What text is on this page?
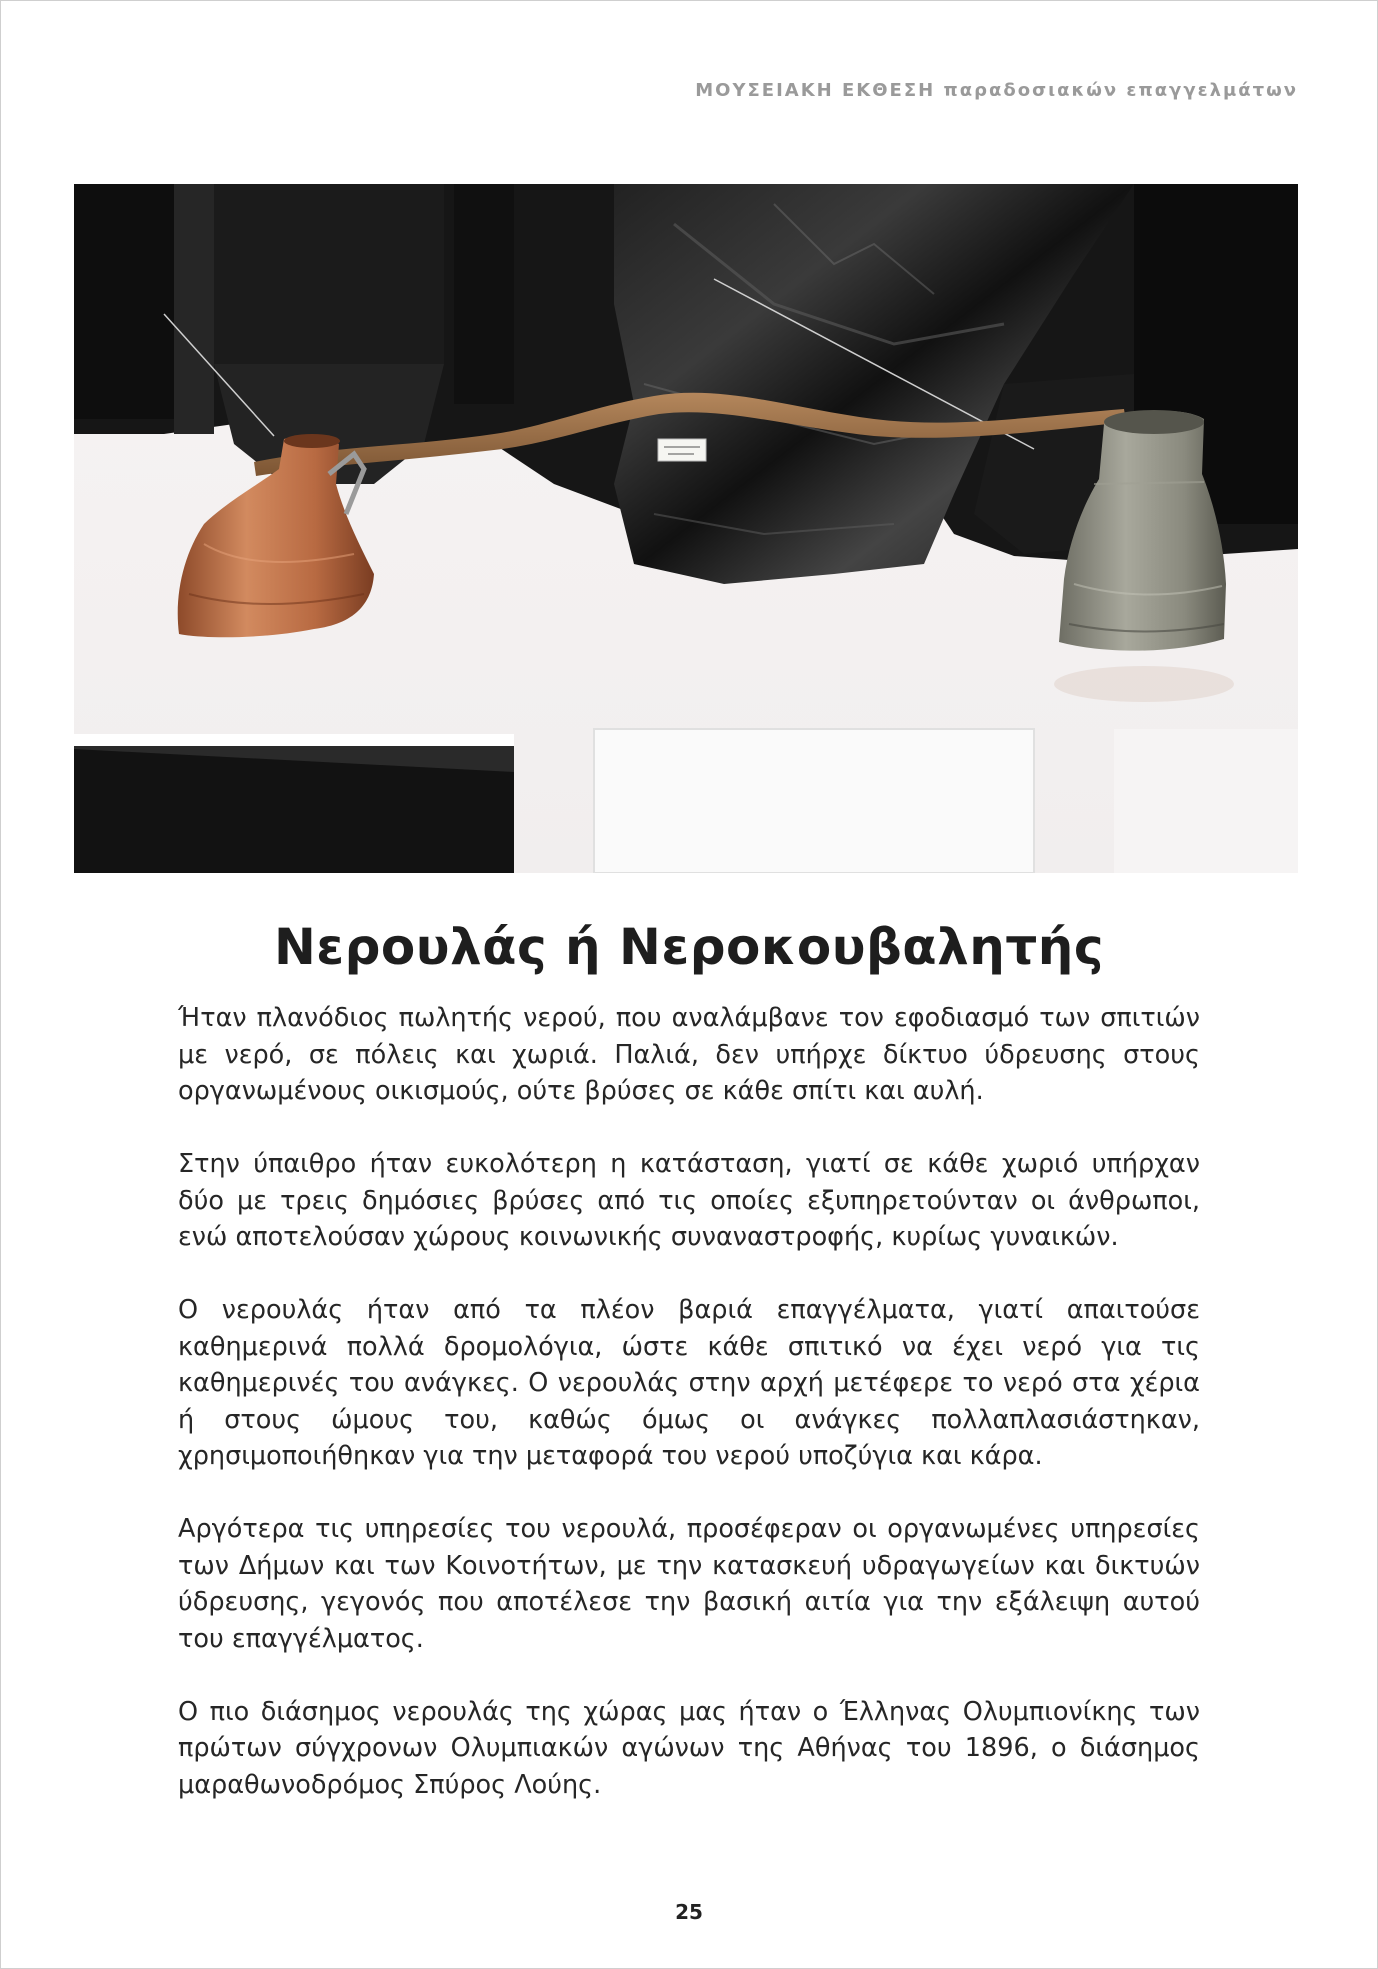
ΜΟΥΣΕΙΑΚΗ ΕΚΘΕΣΗ παραδοσιακών επαγγελμάτων
Νερουλάς ή Νεροκουβαλητής

Ήταν πλανόδιος πωλητής νερού, που αναλάμβανε τον εφοδιασμό των σπιτιών με νερό, σε πόλεις και χωριά. Παλιά, δεν υπήρχε δίκτυο ύδρευσης στους οργανωμένους οικισμούς, ούτε βρύσες σε κάθε σπίτι και αυλή.

Στην ύπαιθρο ήταν ευκολότερη η κατάσταση, γιατί σε κάθε χωριό υπήρχαν δύο με τρεις δημόσιες βρύσες από τις οποίες εξυπηρετούνταν οι άνθρωποι, ενώ αποτελούσαν χώρους κοινωνικής συναναστροφής, κυρίως γυναικών.

Ο νερουλάς ήταν από τα πλέον βαριά επαγγέλματα, γιατί απαιτούσε καθημερινά πολλά δρομολόγια, ώστε κάθε σπιτικό να έχει νερό για τις καθημερινές του ανάγκες. Ο νερουλάς στην αρχή μετέφερε το νερό στα χέρια ή στους ώμους του, καθώς όμως οι ανάγκες πολλαπλασιάστηκαν, χρησιμοποιήθηκαν για την μεταφορά του νερού υποζύγια και κάρα.

Αργότερα τις υπηρεσίες του νερουλά, προσέφεραν οι οργανωμένες υπηρεσίες των Δήμων και των Κοινοτήτων, με την κατασκευή υδραγωγείων και δικτυών ύδρευσης, γεγονός που αποτέλεσε την βασική αιτία για την εξάλειψη αυτού του επαγγέλματος.

Ο πιο διάσημος νερουλάς της χώρας μας ήταν ο Έλληνας Ολυμπιονίκης των πρώτων σύγχρονων Ολυμπιακών αγώνων της Αθήνας του 1896, ο διάσημος μαραθωνοδρόμος Σπύρος Λούης.

25
